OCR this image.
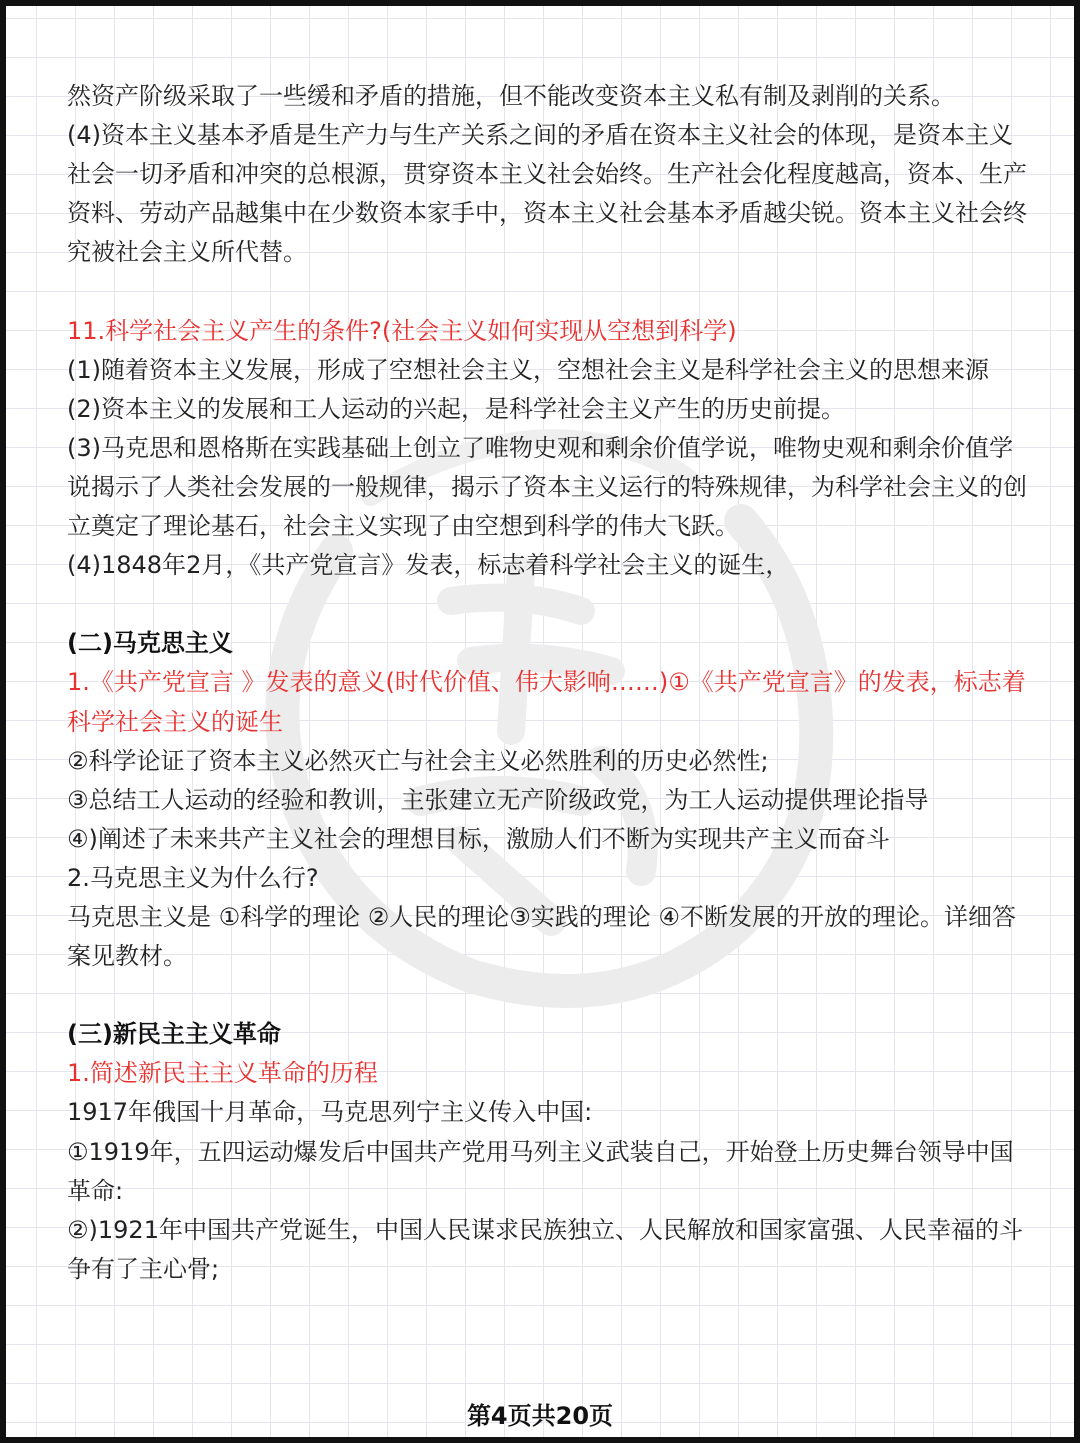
然资产阶级采取了一些缓和矛盾的措施，但不能改变资本主义私有制及剥削的关系。

(4)资本主义基本矛盾是生产力与生产关系之间的矛盾在资本主义社会的体现，是资本主义社会一切矛盾和冲突的总根源，贯穿资本主义社会始终。生产社会化程度越高，资本、生产资料、劳动产品越集中在少数资本家手中，资本主义社会基本矛盾越尖锐。资本主义社会终究被社会主义所代替。

11.科学社会主义产生的条件?(社会主义如何实现从空想到科学)

(1)随着资本主义发展，形成了空想社会主义，空想社会主义是科学社会主义的思想来源

(2)资本主义的发展和工人运动的兴起，是科学社会主义产生的历史前提。

(3)马克思和恩格斯在实践基础上创立了唯物史观和剩余价值学说，唯物史观和剩余价值学说揭示了人类社会发展的一般规律，揭示了资本主义运行的特殊规律，为科学社会主义的创立奠定了理论基石，社会主义实现了由空想到科学的伟大飞跃。

(4)1848年2月，《共产党宣言》发表，标志着科学社会主义的诞生，

(二)马克思主义

1.《共产党宣言 》发表的意义(时代价值、伟大影响……)①《共产党宣言》的发表，标志着科学社会主义的诞生

②科学论证了资本主义必然灭亡与社会主义必然胜利的历史必然性;

③总结工人运动的经验和教训，主张建立无产阶级政党，为工人运动提供理论指导

④)阐述了未来共产主义社会的理想目标，激励人们不断为实现共产主义而奋斗

2.马克思主义为什么行?

马克思主义是 ①科学的理论 ②人民的理论③实践的理论 ④不断发展的开放的理论。详细答案见教材。

(三)新民主主义革命

1.简述新民主主义革命的历程

1917年俄国十月革命，马克思列宁主义传入中国:

①1919年，五四运动爆发后中国共产党用马列主义武装自己，开始登上历史舞台领导中国革命:

②)1921年中国共产党诞生，中国人民谋求民族独立、人民解放和国家富强、人民幸福的斗争有了主心骨;

第4页共20页
